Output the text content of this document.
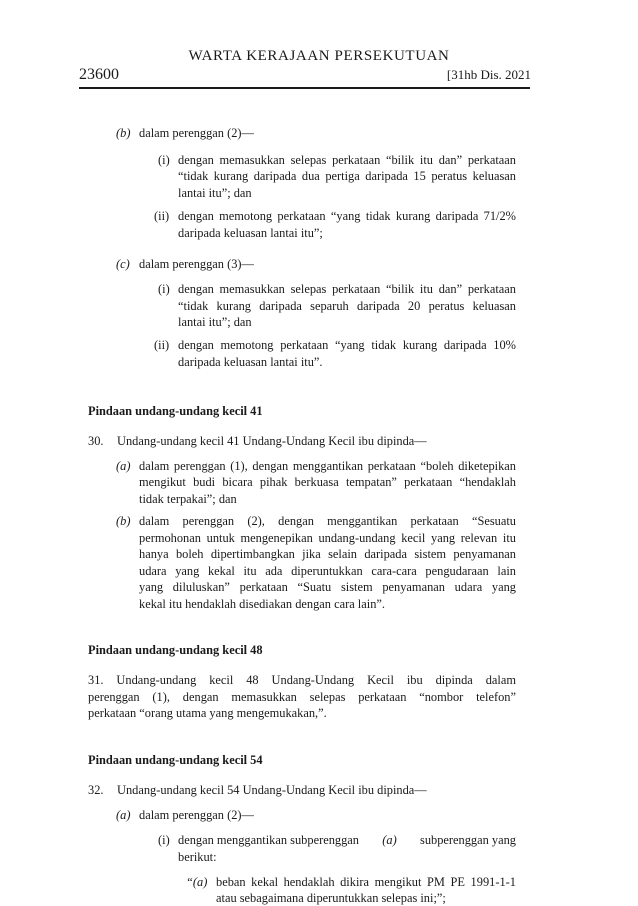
WARTA KERAJAAN PERSEKUTUAN
23600	[31hb Dis. 2021
(b) dalam perenggan (2)—
(i) dengan memasukkan selepas perkataan “bilik itu dan” perkataan
“tidak kurang daripada dua pertiga daripada 15 peratus keluasan
lantai itu”; dan
(ii) dengan memotong perkataan “yang tidak kurang daripada 71/2%
daripada keluasan lantai itu”;
(c) dalam perenggan (3)—
(i) dengan memasukkan selepas perkataan “bilik itu dan” perkataan
“tidak kurang daripada separuh daripada 20 peratus keluasan
lantai itu”; dan
(ii) dengan memotong perkataan “yang tidak kurang daripada 10%
daripada keluasan lantai itu”.
Pindaan undang-undang kecil 41
30. Undang-undang kecil 41 Undang-Undang Kecil ibu dipinda—
(a) dalam perenggan (1), dengan menggantikan perkataan “boleh diketepikan
mengikut budi bicara pihak berkuasa tempatan” perkataan “hendaklah
tidak terpakai”; dan
(b) dalam perenggan (2), dengan menggantikan perkataan “Sesuatu
permohonan untuk mengenepikan undang-undang kecil yang relevan itu
hanya boleh dipertimbangkan jika selain daripada sistem penyamanan
udara yang kekal itu ada diperuntukkan cara-cara pengudaraan lain
yang diluluskan” perkataan “Suatu sistem penyamanan udara yang
kekal itu hendaklah disediakan dengan cara lain”.
Pindaan undang-undang kecil 48
31. Undang-undang kecil 48 Undang-Undang Kecil ibu dipinda dalam
perenggan (1), dengan memasukkan selepas perkataan “nombor telefon”
perkataan “orang utama yang mengemukakan,”.
Pindaan undang-undang kecil 54
32. Undang-undang kecil 54 Undang-Undang Kecil ibu dipinda—
(a) dalam perenggan (2)—
(i) dengan menggantikan subperenggan (a) subperenggan yang
berikut:
“(a) beban kekal hendaklah dikira mengikut PM PE 1991-1-1
atau sebagaimana diperuntukkan selepas ini;”;
